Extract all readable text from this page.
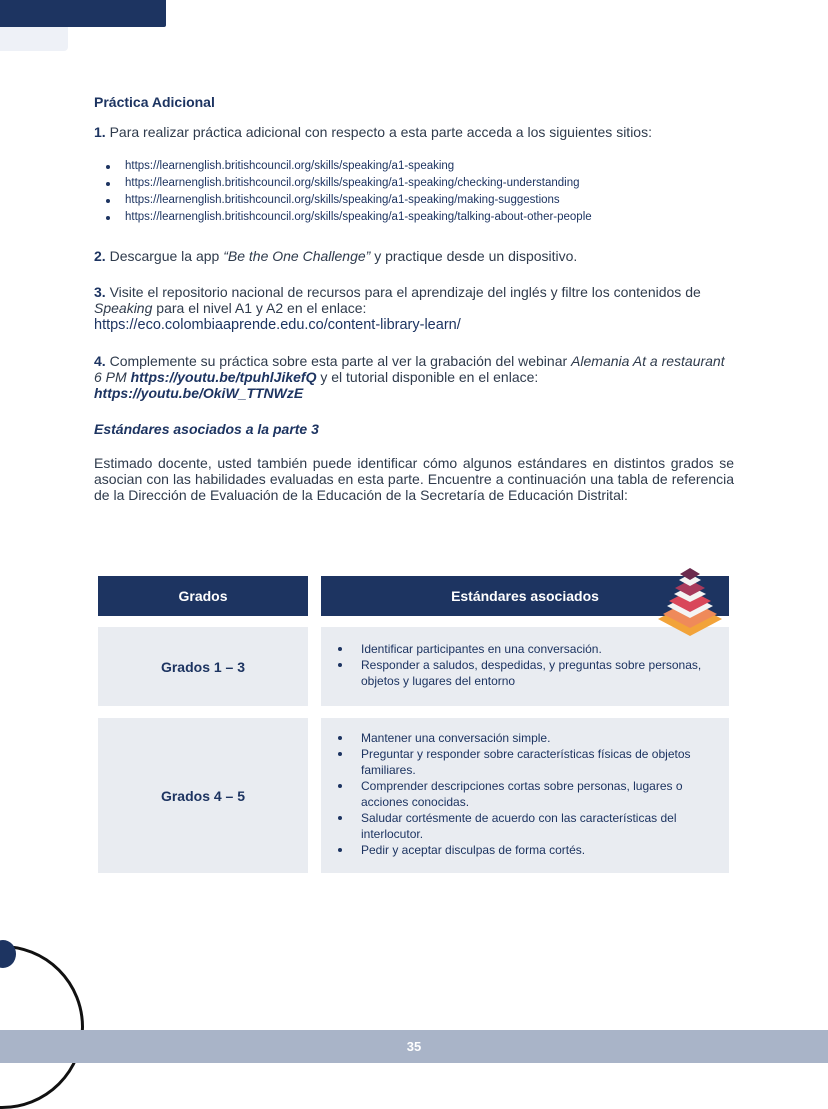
Práctica Adicional

1. Para realizar práctica adicional con respecto a esta parte acceda a los siguientes sitios:

https://learnenglish.britishcouncil.org/skills/speaking/a1-speaking
https://learnenglish.britishcouncil.org/skills/speaking/a1-speaking/checking-understanding
https://learnenglish.britishcouncil.org/skills/speaking/a1-speaking/making-suggestions
https://learnenglish.britishcouncil.org/skills/speaking/a1-speaking/talking-about-other-people

2. Descargue la app “Be the One Challenge” y practique desde un dispositivo.

3. Visite el repositorio nacional de recursos para el aprendizaje del inglés y filtre los contenidos de Speaking para el nivel A1 y A2 en el enlace:
https://eco.colombiaaprende.edu.co/content-library-learn/

4. Complemente su práctica sobre esta parte al ver la grabación del webinar Alemania At a restaurant 6 PM https://youtu.be/tpuhlJikefQ y el tutorial disponible en el enlace:
https://youtu.be/OkiW_TTNWzE

Estándares asociados a la parte 3

Estimado docente, usted también puede identificar cómo algunos estándares en distintos grados se asocian con las habilidades evaluadas en esta parte. Encuentre a continuación una tabla de referencia de la Dirección de Evaluación de la Educación de la Secretaría de Educación Distrital:

Grados	Estándares asociados
Grados 1 – 3
Identificar participantes en una conversación.
Responder a saludos, despedidas, y preguntas sobre personas, objetos y lugares del entorno
Grados 4 – 5
Mantener una conversación simple.
Preguntar y responder sobre características físicas de objetos familiares.
Comprender descripciones cortas sobre personas, lugares o acciones conocidas.
Saludar cortésmente de acuerdo con las características del interlocutor.
Pedir y aceptar disculpas de forma cortés.
35
